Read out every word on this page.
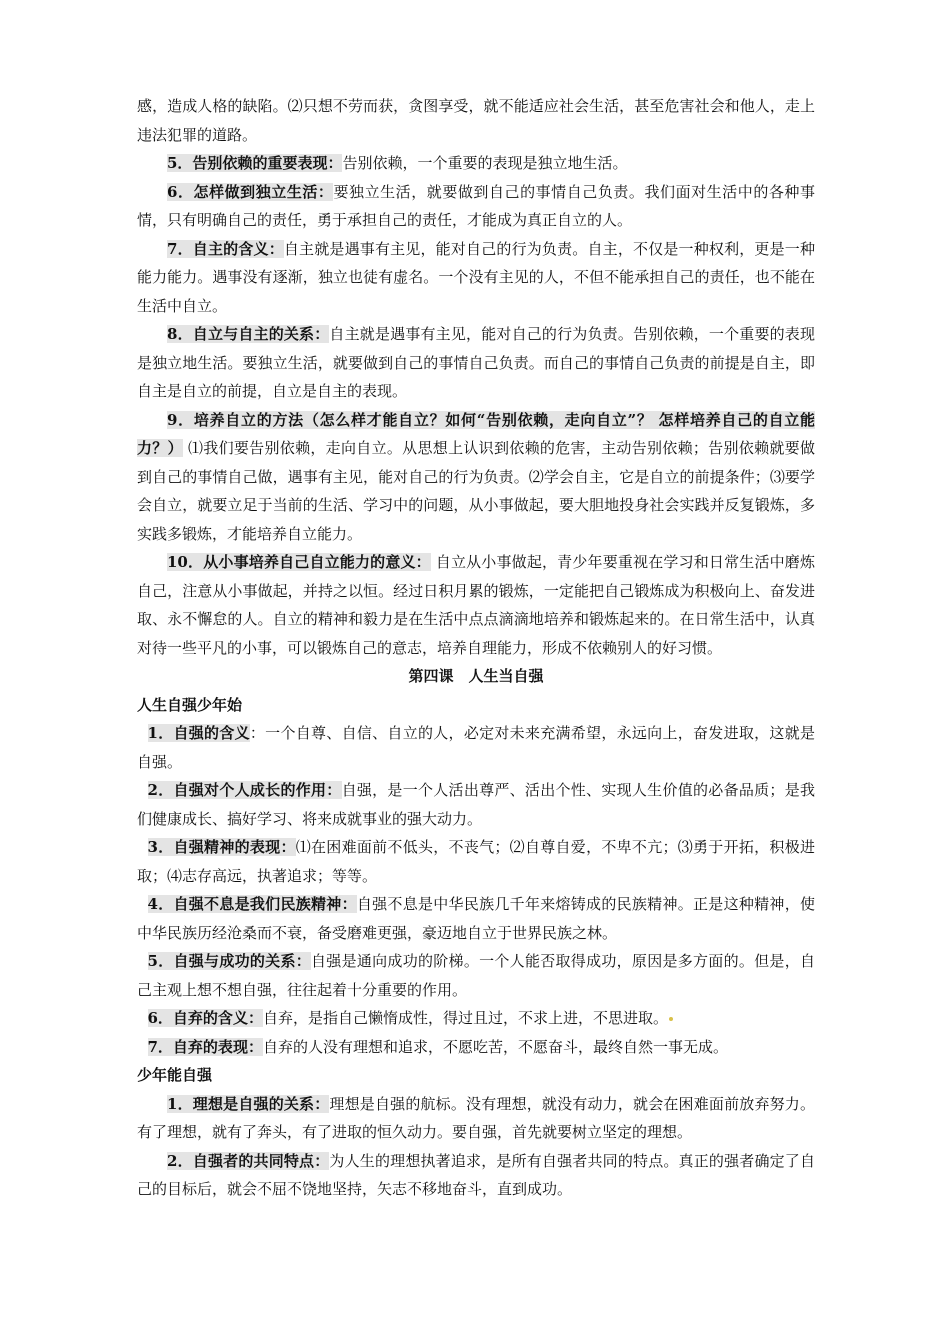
感，造成人格的缺陷。⑵只想不劳而获，贪图享受，就不能适应社会生活，甚至危害社会和他人，走上违法犯罪的道路。

5．告别依赖的重要表现：告别依赖，一个重要的表现是独立地生活。

6．怎样做到独立生活：要独立生活，就要做到自己的事情自己负责。我们面对生活中的各种事情，只有明确自己的责任，勇于承担自己的责任，才能成为真正自立的人。

7．自主的含义：自主就是遇事有主见，能对自己的行为负责。自主，不仅是一种权利，更是一种能力能力。遇事没有逐渐，独立也徒有虚名。一个没有主见的人，不但不能承担自己的责任，也不能在生活中自立。

8．自立与自主的关系：自主就是遇事有主见，能对自己的行为负责。告别依赖，一个重要的表现是独立地生活。要独立生活，就要做到自己的事情自己负责。而自己的事情自己负责的前提是自主，即自主是自立的前提，自立是自主的表现。

9．培养自立的方法（怎么样才能自立？如何“告别依赖，走向自立”？ 怎样培养自己的自立能力？） ⑴我们要告别依赖，走向自立。从思想上认识到依赖的危害，主动告别依赖；告别依赖就要做到自己的事情自己做，遇事有主见，能对自己的行为负责。⑵学会自主，它是自立的前提条件；⑶要学会自立，就要立足于当前的生活、学习中的问题，从小事做起，要大胆地投身社会实践并反复锻炼，多实践多锻炼，才能培养自立能力。

10．从小事培养自己自立能力的意义： 自立从小事做起，青少年要重视在学习和日常生活中磨炼自己，注意从小事做起，并持之以恒。经过日积月累的锻炼，一定能把自己锻炼成为积极向上、奋发进取、永不懈怠的人。自立的精神和毅力是在生活中点点滴滴地培养和锻炼起来的。在日常生活中，认真对待一些平凡的小事，可以锻炼自己的意志，培养自理能力，形成不依赖别人的好习惯。

第四课　人生当自强

人生自强少年始

1．自强的含义：一个自尊、自信、自立的人，必定对未来充满希望，永远向上，奋发进取，这就是自强。

2．自强对个人成长的作用：自强，是一个人活出尊严、活出个性、实现人生价值的必备品质；是我们健康成长、搞好学习、将来成就事业的强大动力。

3．自强精神的表现：⑴在困难面前不低头，不丧气；⑵自尊自爱，不卑不亢；⑶勇于开拓，积极进取；⑷志存高远，执著追求；等等。

4．自强不息是我们民族精神：自强不息是中华民族几千年来熔铸成的民族精神。正是这种精神，使中华民族历经沧桑而不衰，备受磨难更强，豪迈地自立于世界民族之林。

5．自强与成功的关系：自强是通向成功的阶梯。一个人能否取得成功，原因是多方面的。但是，自己主观上想不想自强，往往起着十分重要的作用。

6．自弃的含义：自弃，是指自己懒惰成性，得过且过，不求上进，不思进取。

7．自弃的表现：自弃的人没有理想和追求，不愿吃苦，不愿奋斗，最终自然一事无成。

少年能自强

1．理想是自强的关系：理想是自强的航标。没有理想，就没有动力，就会在困难面前放弃努力。有了理想，就有了奔头，有了进取的恒久动力。要自强，首先就要树立坚定的理想。

2．自强者的共同特点：为人生的理想执著追求，是所有自强者共同的特点。真正的强者确定了自己的目标后，就会不屈不饶地坚持，矢志不移地奋斗，直到成功。
